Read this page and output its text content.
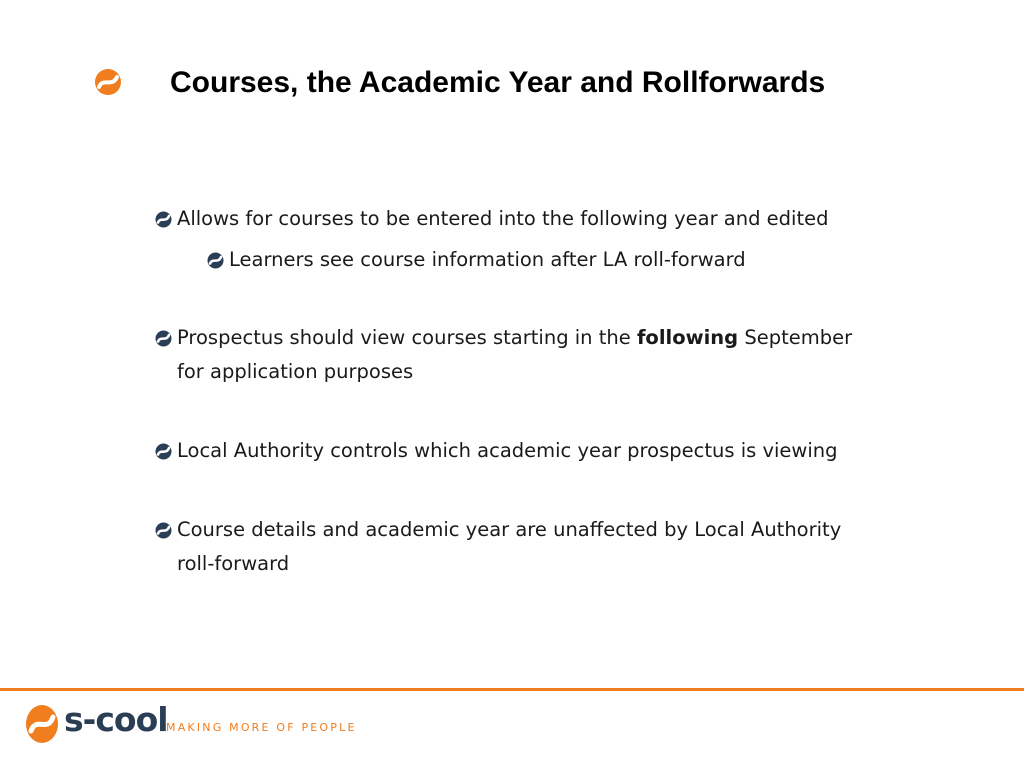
Courses, the Academic Year and Rollforwards
Allows for courses to be entered into the following year and edited
Learners see course information after LA roll-forward
Prospectus should view courses starting in the following September for application purposes
Local Authority controls which academic year prospectus is viewing
Course details and academic year are unaffected by Local Authority roll-forward
s-cool
MAKING MORE OF PEOPLE
